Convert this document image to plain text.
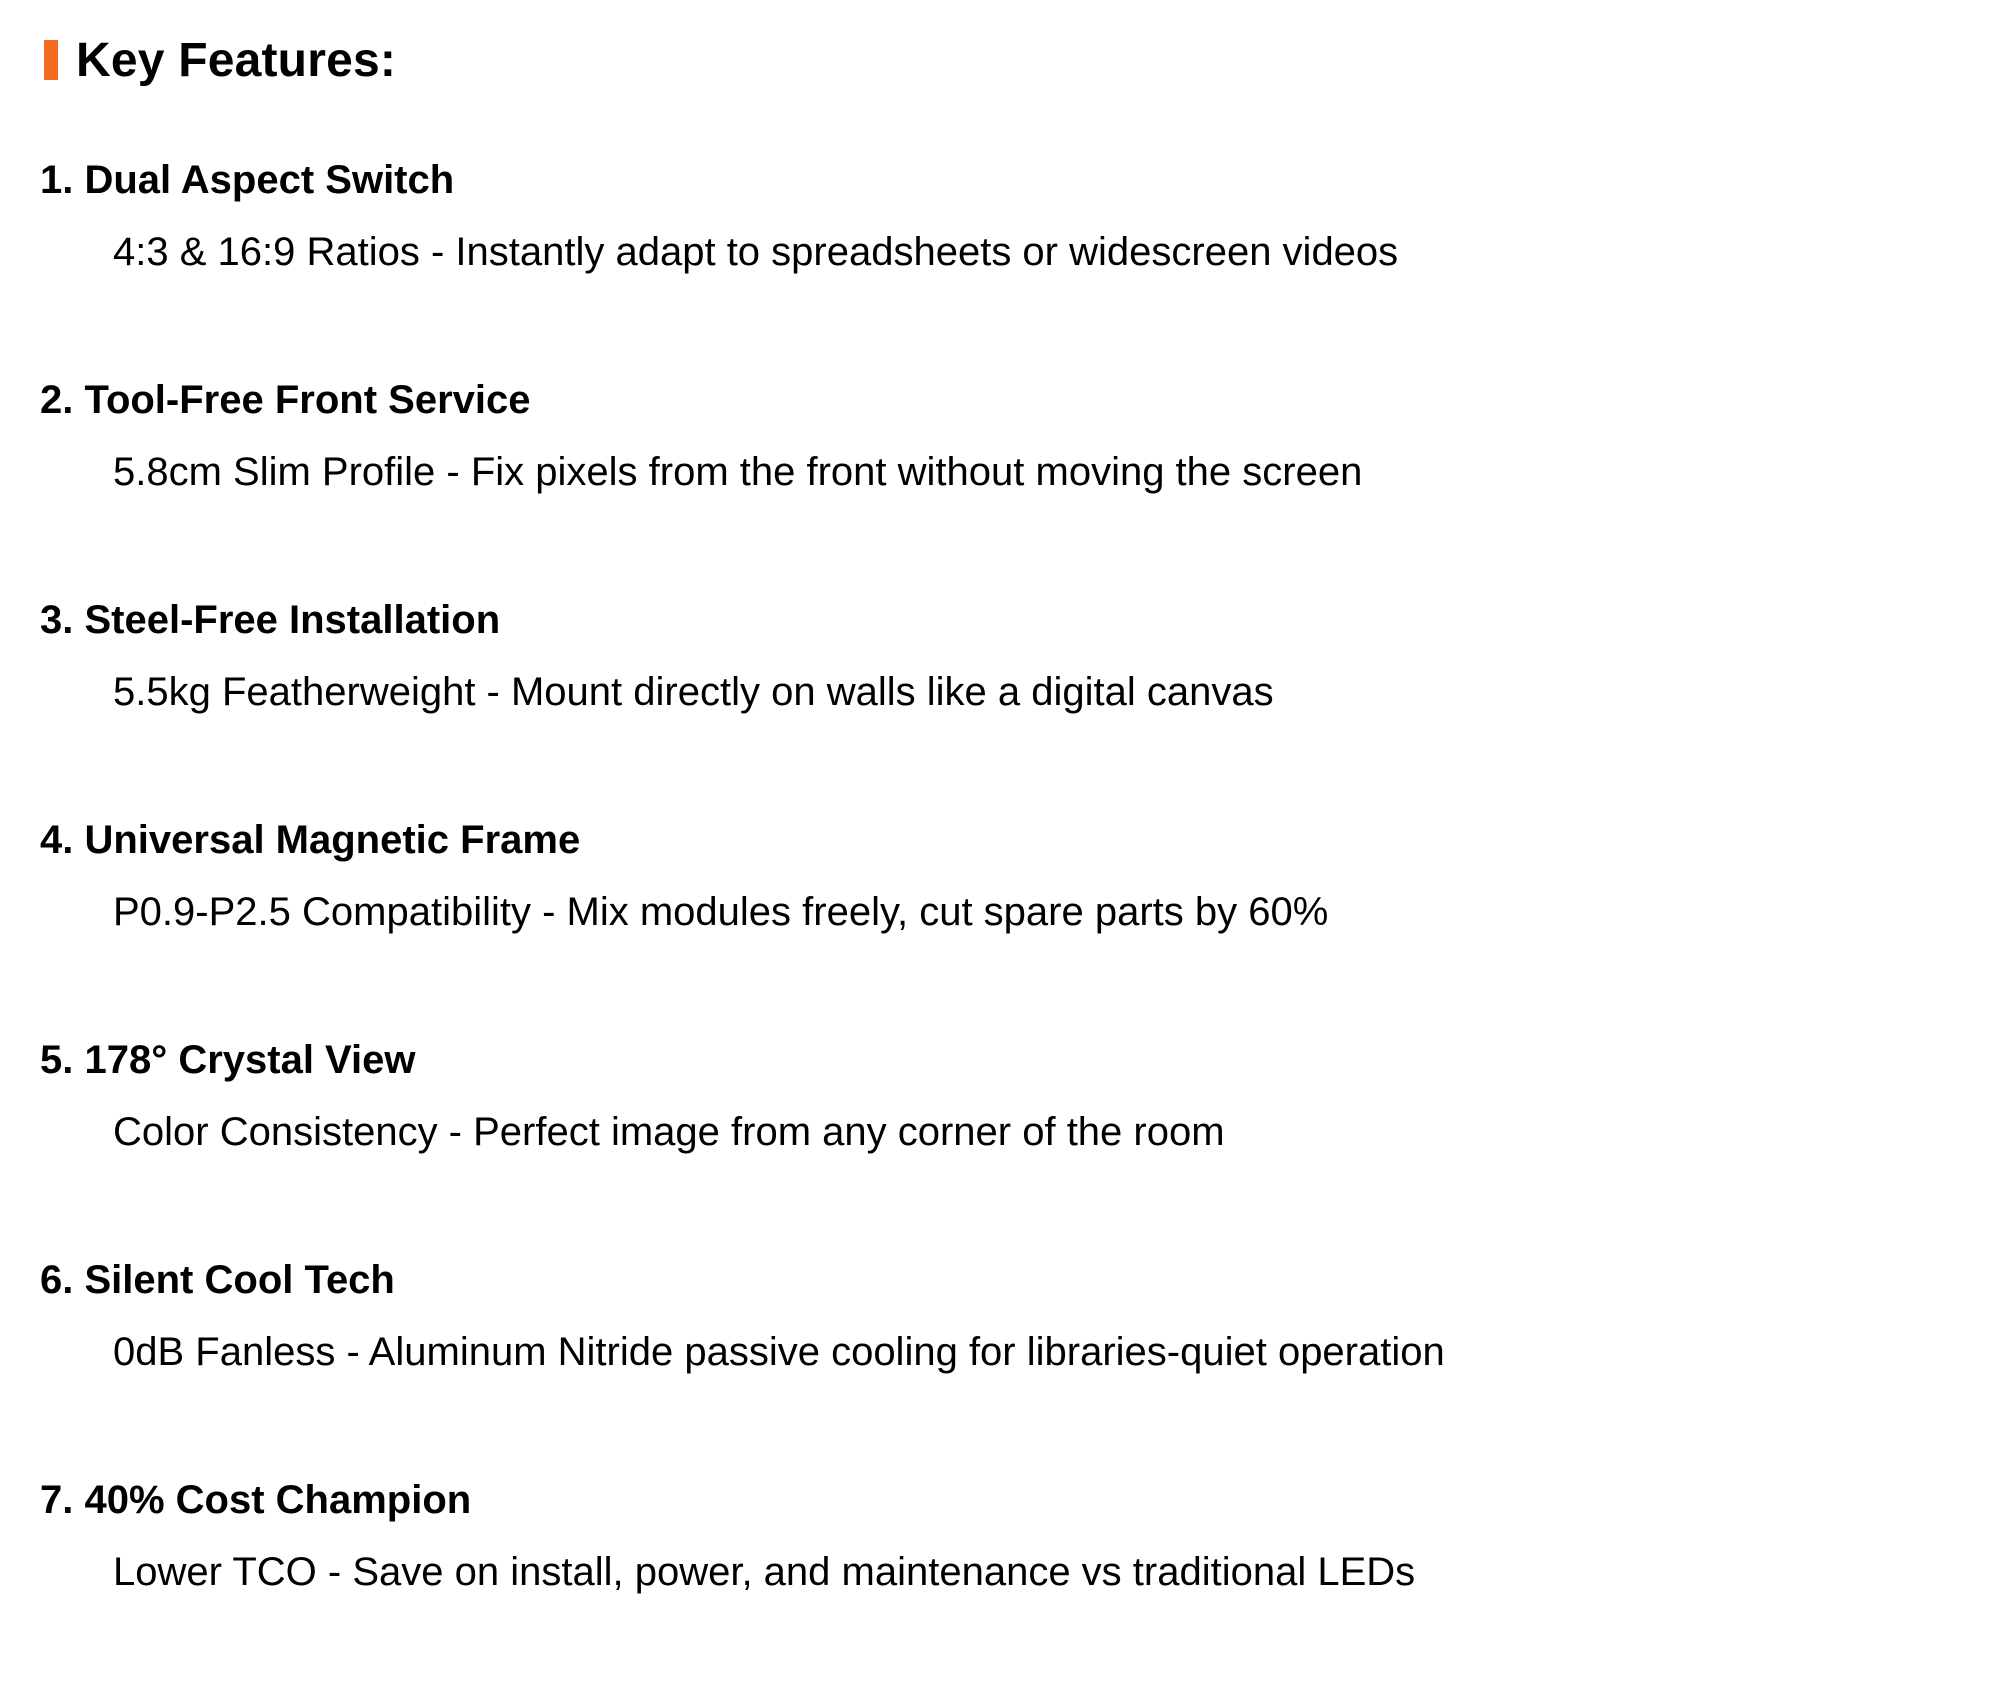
Key Features:
1. Dual Aspect Switch
4:3 & 16:9 Ratios - Instantly adapt to spreadsheets or widescreen videos
2. Tool-Free Front Service
5.8cm Slim Profile - Fix pixels from the front without moving the screen
3. Steel-Free Installation
5.5kg Featherweight - Mount directly on walls like a digital canvas
4. Universal Magnetic Frame
P0.9-P2.5 Compatibility - Mix modules freely, cut spare parts by 60%
5. 178° Crystal View
Color Consistency - Perfect image from any corner of the room
6. Silent Cool Tech
0dB Fanless - Aluminum Nitride passive cooling for libraries-quiet operation
7. 40% Cost Champion
Lower TCO - Save on install, power, and maintenance vs traditional LEDs
